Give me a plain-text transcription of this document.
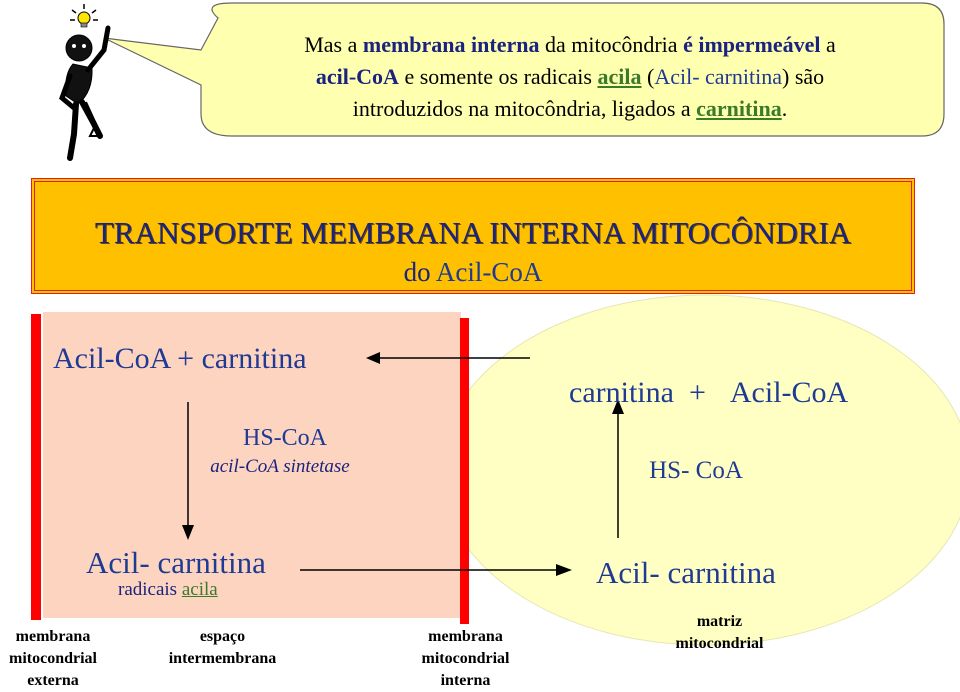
Mas a membrana interna da mitocôndria é impermeável a
acil-CoA e somente os radicais acila (Acil- carnitina) são
introduzidos na mitocôndria, ligados a carnitina.
TRANSPORTE MEMBRANA INTERNA MITOCÔNDRIA
do Acil-CoA
Acil-CoA + carnitina

carnitina  + Acil-CoA

HS-CoA
acil-CoA sintetase	HS- CoA
Acil- carnitina
radicais acila	Acil- carnitina
membrana
mitocondrial
externa
espaço
intermembrana
membrana
mitocondrial
interna
matriz
mitocondrial
